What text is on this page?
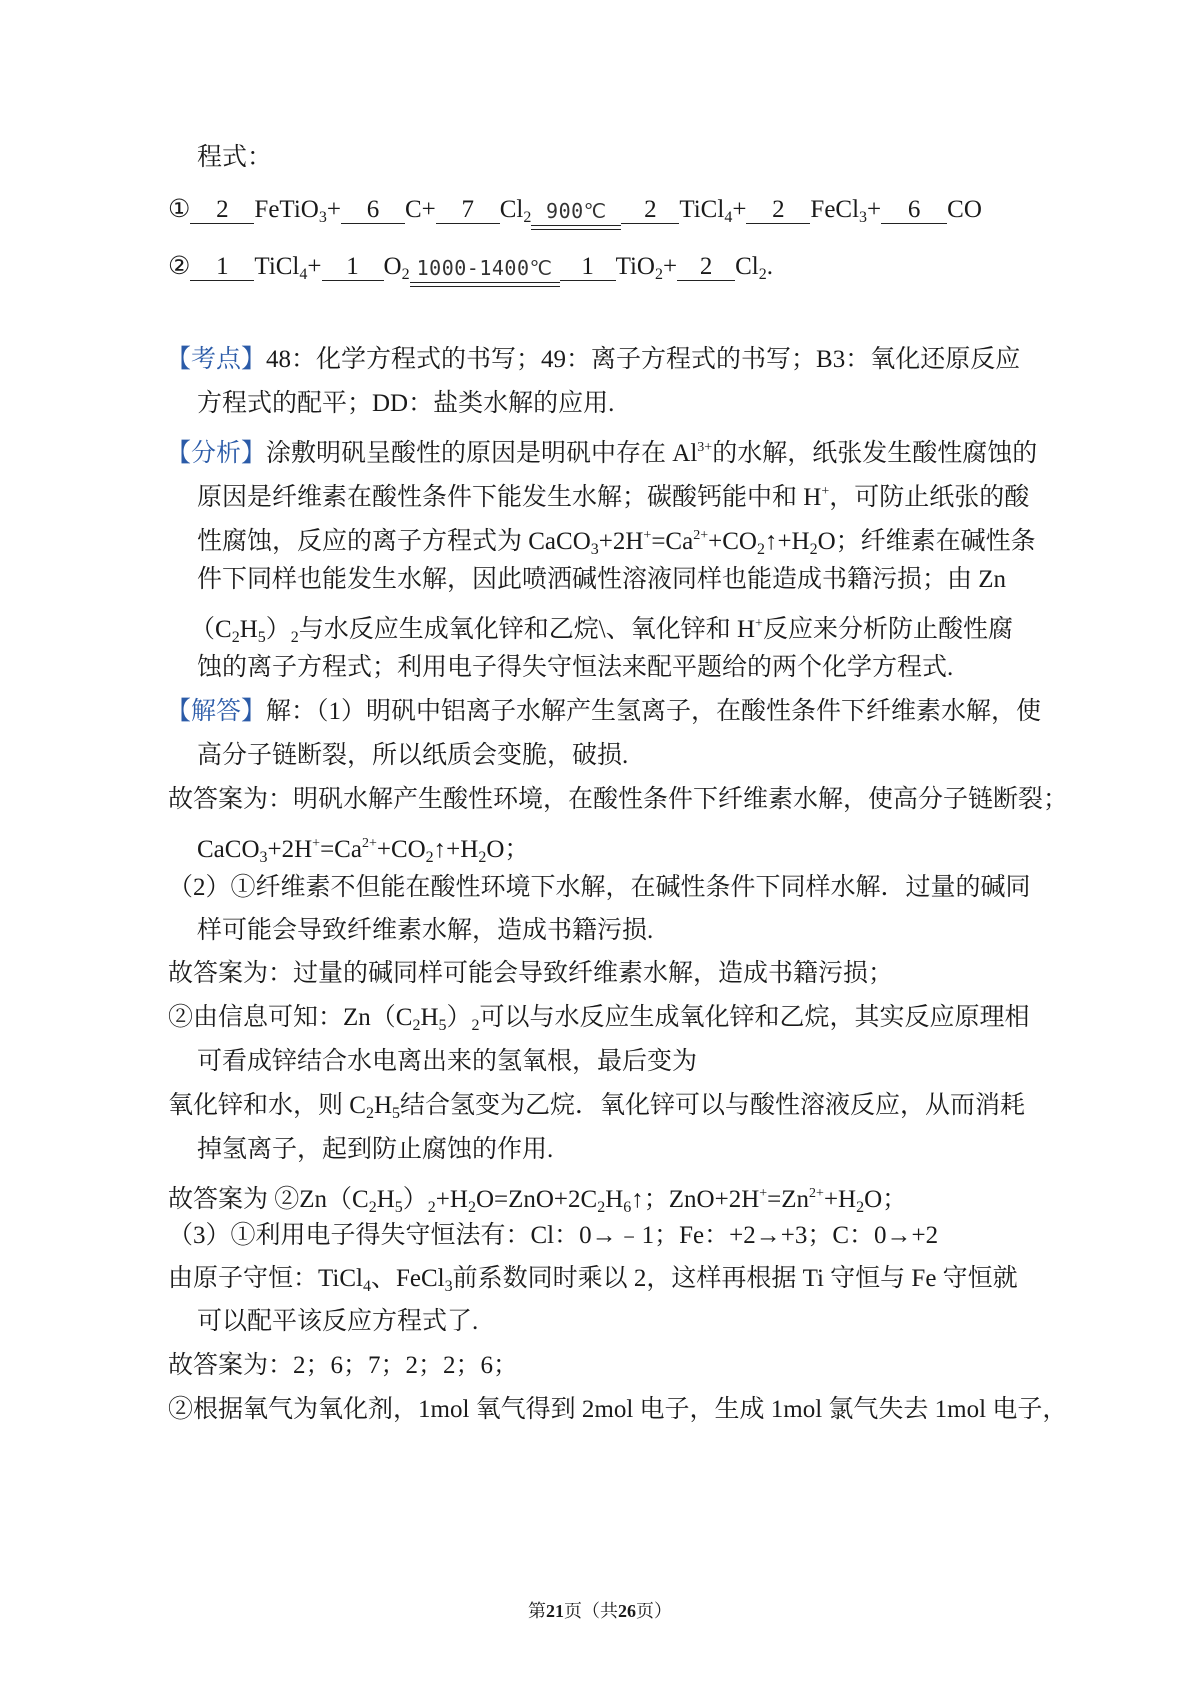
程式：
① 2 FeTiO$_3$+ 6 C+ 7 $Cl_2$ 900℃	2 TiCl$_4$+ 2 FeCl$_3$+ 6 CO
② 1 TiCl$_4$+ 1 $O_2$ 1000-1400℃ 1 TiO$_2$+ 2 $Cl_2$.
【考点】48：化学方程式的书写；49：离子方程式的书写；B3：氧化还原反应
方程式的配平；DD：盐类水解的应用.
【分析】涂敷明矾呈酸性的原因是明矾中存在 $Al^{3+}$的水解，纸张发生酸性腐蚀的
原因是纤维素在酸性条件下能发生水解；碳酸钙能中和 H+，可防止纸张的酸
性腐蚀，反应的离子方程式为 $CaCO_3+2H^+=Ca^{2+}+CO_2↑+H_2O$；纤维素在碱性条
件下同样也能发生水解，因此喷洒碱性溶液同样也能造成书籍污损；由 Zn
$(C_2H_5)_2$与水反应生成氧化锌和乙烷\、氧化锌和 H+反应来分析防止酸性腐
蚀的离子方程式；利用电子得失守恒法来配平题给的两个化学方程式.
【解答】解：（1）明矾中铝离子水解产生氢离子，在酸性条件下纤维素水解，使
高分子链断裂，所以纸质会变脆，破损.
故答案为：明矾水解产生酸性环境，在酸性条件下纤维素水解，使高分子链断裂；
$CaCO_3+2H^+=Ca^{2+}+CO_2↑+H_2O$；
（2）①纤维素不但能在酸性环境下水解，在碱性条件下同样水解．过量的碱同
样可能会导致纤维素水解，造成书籍污损.
故答案为：过量的碱同样可能会导致纤维素水解，造成书籍污损；
②由信息可知：$Zn(C_2H_5)_2$可以与水反应生成氧化锌和乙烷，其实反应原理相
可看成锌结合水电离出来的氢氧根，最后变为
氧化锌和水，则 $C_2H_5$结合氢变为乙烷．氧化锌可以与酸性溶液反应，从而消耗
掉氢离子，起到防止腐蚀的作用.
故答案为 $②Zn(C_2H_5)_2+H_2O=ZnO+2C_2H_6↑$；$ZnO+2H^+=Zn^{2+}+H_2O$；
（3）①利用电子得失守恒法有：Cl：0→﹣1；Fe：+2→+3；C：0→+2
由原子守恒：TiCl$_4$、FeCl$_3$前系数同时乘以 2，这样再根据 Ti 守恒与 Fe 守恒就
可以配平该反应方程式了.
故答案为：2；6；7；2；2；6；
②根据氧气为氧化剂，1mol 氧气得到 2mol 电子，生成 1mol 氯气失去 1mol 电子，
第21页（共26页）
